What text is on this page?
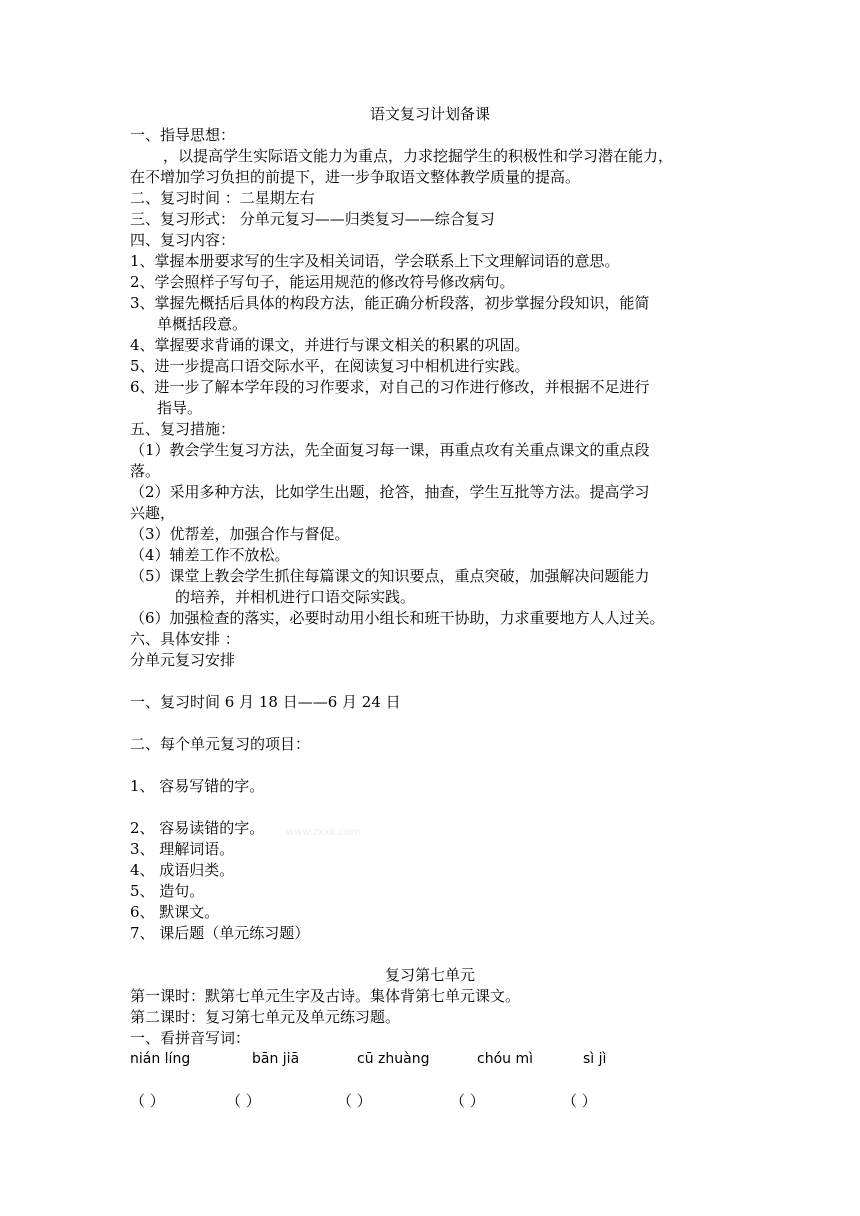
语文复习计划备课
一、指导思想：
，以提高学生实际语文能力为重点，力求挖掘学生的积极性和学习潜在能力，
在不增加学习负担的前提下，进一步争取语文整体教学质量的提高。
二、复习时间 ：二星期左右
三、复习形式： 分单元复习——归类复习——综合复习
四、复习内容：
1、掌握本册要求写的生字及相关词语，学会联系上下文理解词语的意思。
2、学会照样子写句子，能运用规范的修改符号修改病句。
3、掌握先概括后具体的构段方法，能正确分析段落，初步掌握分段知识，能简
单概括段意。
4、掌握要求背诵的课文，并进行与课文相关的积累的巩固。
5、进一步提高口语交际水平，在阅读复习中相机进行实践。
6、进一步了解本学年段的习作要求，对自己的习作进行修改，并根据不足进行
指导。
五、复习措施：
（1）教会学生复习方法，先全面复习每一课，再重点攻有关重点课文的重点段
落。
（2）采用多种方法，比如学生出题，抢答，抽查，学生互批等方法。提高学习
兴趣，
（3）优帮差，加强合作与督促。
（4）辅差工作不放松。
（5）课堂上教会学生抓住每篇课文的知识要点，重点突破，加强解决问题能力
的培养，并相机进行口语交际实践。
（6）加强检查的落实，必要时动用小组长和班干协助，力求重要地方人人过关。
六、具体安排 ：
分单元复习安排
一、复习时间 6 月 18 日——6 月 24 日
二、每个单元复习的项目：
1、 容易写错的字。
2、 容易读错的字。 www.zxxk.com
3、 理解词语。
4、 成语归类。
5、 造句。
6、 默课文。
7、 课后题（单元练习题）
复习第七单元
第一课时：默第七单元生字及古诗。集体背第七单元课文。
第二课时：复习第七单元及单元练习题。
一、看拼音写词：
nián líng	bān jiā	cū zhuàng	chóu mì	sì jì
（ ）	（ ）	（ ）	（ ）	（ ）
